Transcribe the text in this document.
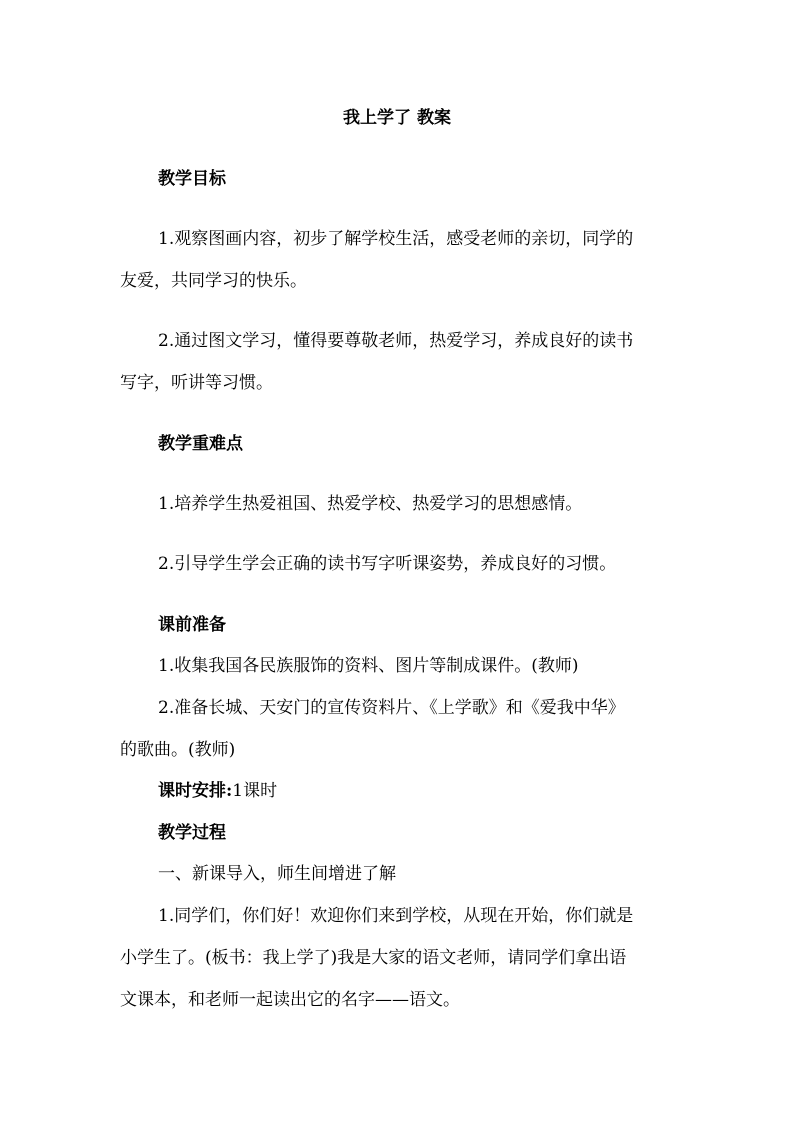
我上学了 教案
教学目标
1.观察图画内容，初步了解学校生活，感受老师的亲切，同学的
友爱，共同学习的快乐。
2.通过图文学习，懂得要尊敬老师，热爱学习，养成良好的读书
写字，听讲等习惯。
教学重难点
1.培养学生热爱祖国、热爱学校、热爱学习的思想感情。
2.引导学生学会正确的读书写字听课姿势，养成良好的习惯。
课前准备
1.收集我国各民族服饰的资料、图片等制成课件。(教师)
2.准备长城、天安门的宣传资料片、《上学歌》和《爱我中华》
的歌曲。(教师)
课时安排:1课时
教学过程
一、新课导入，师生间增进了解
1.同学们，你们好！欢迎你们来到学校，从现在开始，你们就是
小学生了。(板书：我上学了)我是大家的语文老师，请同学们拿出语
文课本，和老师一起读出它的名字——语文。
